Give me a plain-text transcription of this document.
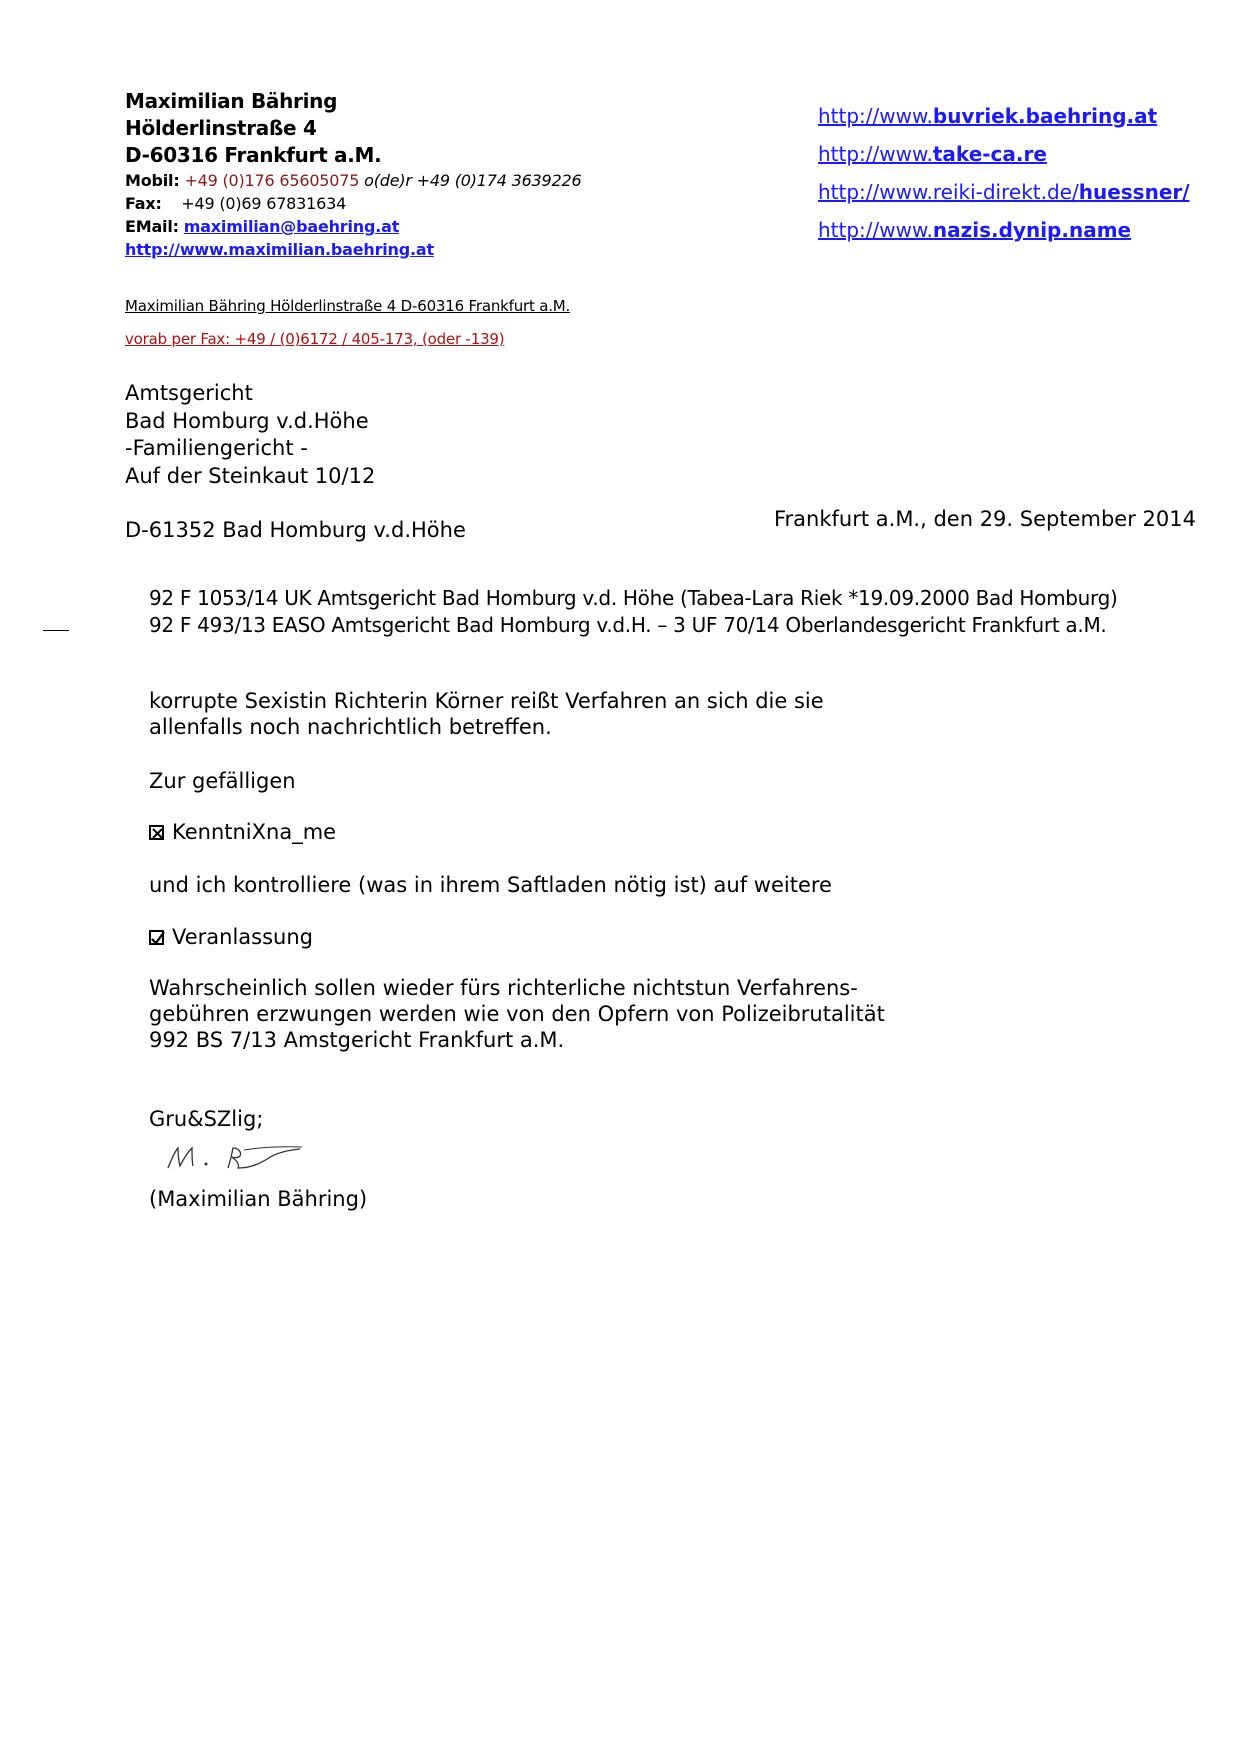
Maximilian Bähring
Hölderlinstraße 4
D-60316 Frankfurt a.M.
Mobil: +49 (0)176 65605075 o(de)r +49 (0)174 3639226
Fax: +49 (0)69 67831634
EMail: maximilian@baehring.at
http://www.maximilian.baehring.at
http://www.buvriek.baehring.at
http://www.take-ca.re
http://www.reiki-direkt.de/huessner/
http://www.nazis.dynip.name
Maximilian Bähring Hölderlinstraße 4 D-60316 Frankfurt a.M.
vorab per Fax: +49 / (0)6172 / 405-173, (oder -139)
Amtsgericht
Bad Homburg v.d.Höhe
-Familiengericht -
Auf der Steinkaut 10/12
D-61352 Bad Homburg v.d.Höhe	Frankfurt a.M., den 29. September 2014
92 F 1053/14 UK Amtsgericht Bad Homburg v.d. Höhe (Tabea-Lara Riek *19.09.2000 Bad Homburg)
92 F 493/13 EASO Amtsgericht Bad Homburg v.d.H. – 3 UF 70/14 Oberlandesgericht Frankfurt a.M.
korrupte Sexistin Richterin Körner reißt Verfahren an sich die sie
allenfalls noch nachrichtlich betreffen.
Zur gefälligen
KenntniXna_me
und ich kontrolliere (was in ihrem Saftladen nötig ist) auf weitere
Veranlassung
Wahrscheinlich sollen wieder fürs richterliche nichtstun Verfahrens-
gebühren erzwungen werden wie von den Opfern von Polizeibrutalität
992 BS 7/13 Amstgericht Frankfurt a.M.
Gru&SZlig;
(Maximilian Bähring)
